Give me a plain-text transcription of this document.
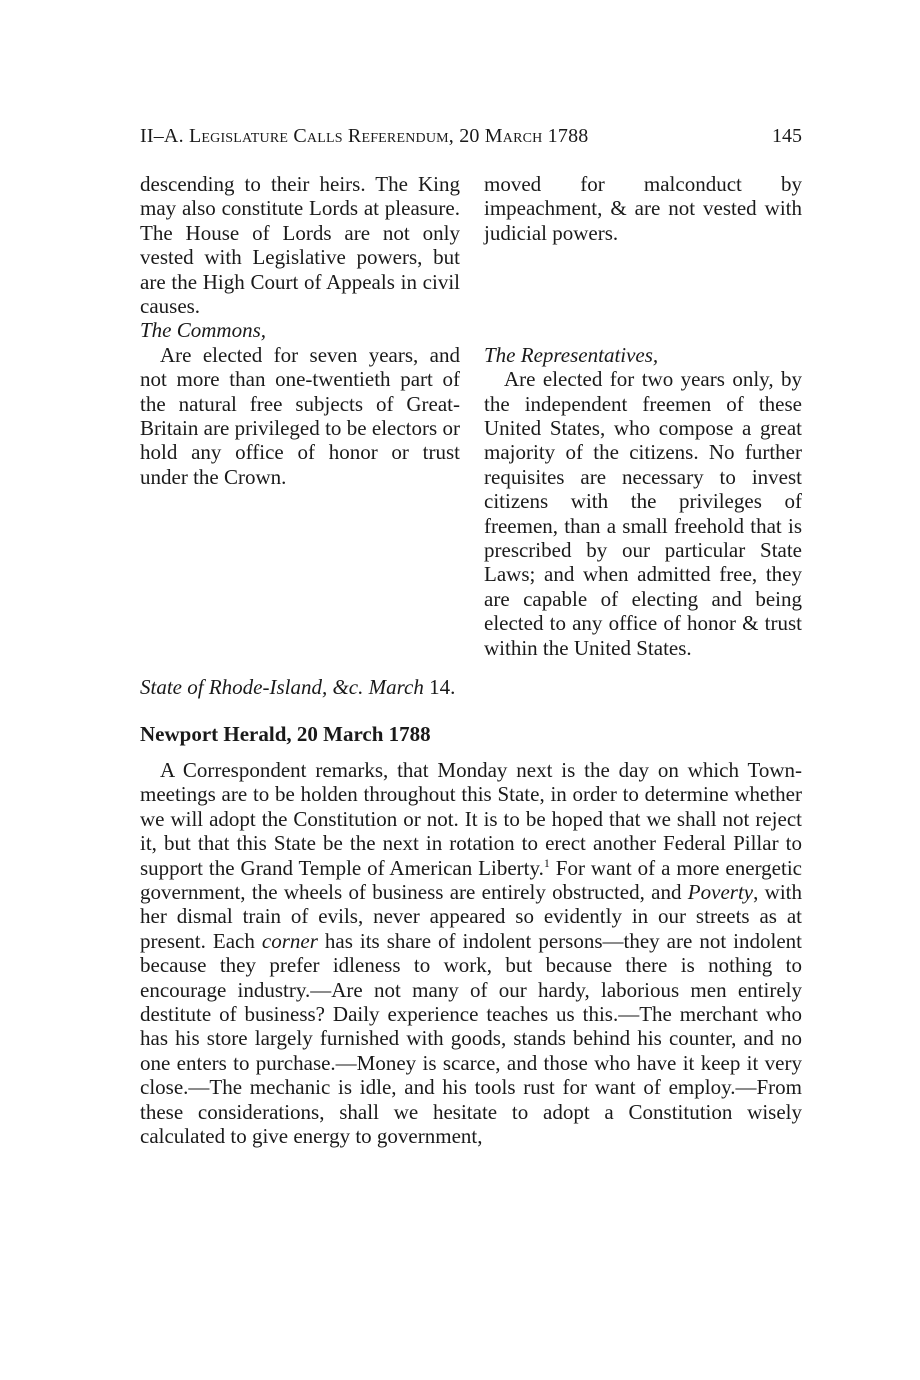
II–A. Legislature Calls Referendum, 20 March 1788	145

descending to their heirs. The King may also constitute Lords at pleasure. The House of Lords are not only vested with Legislative powers, but are the High Court of Appeals in civil causes.

The Commons,

Are elected for seven years, and not more than one-twentieth part of the natural free subjects of Great-Britain are privileged to be electors or hold any office of honor or trust under the Crown.

moved for malconduct by impeachment, & are not vested with judicial powers.

The Representatives,

Are elected for two years only, by the independent freemen of these United States, who compose a great majority of the citizens. No further requisites are necessary to invest citizens with the privileges of freemen, than a small freehold that is prescribed by our particular State Laws; and when admitted free, they are capable of electing and being elected to any office of honor & trust within the United States.

State of Rhode-Island, &c. March 14.
Newport Herald, 20 March 1788

A Correspondent remarks, that Monday next is the day on which Town-meetings are to be holden throughout this State, in order to determine whether we will adopt the Constitution or not. It is to be hoped that we shall not reject it, but that this State be the next in rotation to erect another Federal Pillar to support the Grand Temple of American Liberty.$^1$ For want of a more energetic government, the wheels of business are entirely obstructed, and Poverty, with her dismal train of evils, never appeared so evidently in our streets as at present. Each corner has its share of indolent persons—they are not indolent because they prefer idleness to work, but because there is nothing to encourage industry.—Are not many of our hardy, laborious men entirely destitute of business? Daily experience teaches us this.—The merchant who has his store largely furnished with goods, stands behind his counter, and no one enters to purchase.—Money is scarce, and those who have it keep it very close.—The mechanic is idle, and his tools rust for want of employ.—From these considerations, shall we hesitate to adopt a Constitution wisely calculated to give energy to government,
